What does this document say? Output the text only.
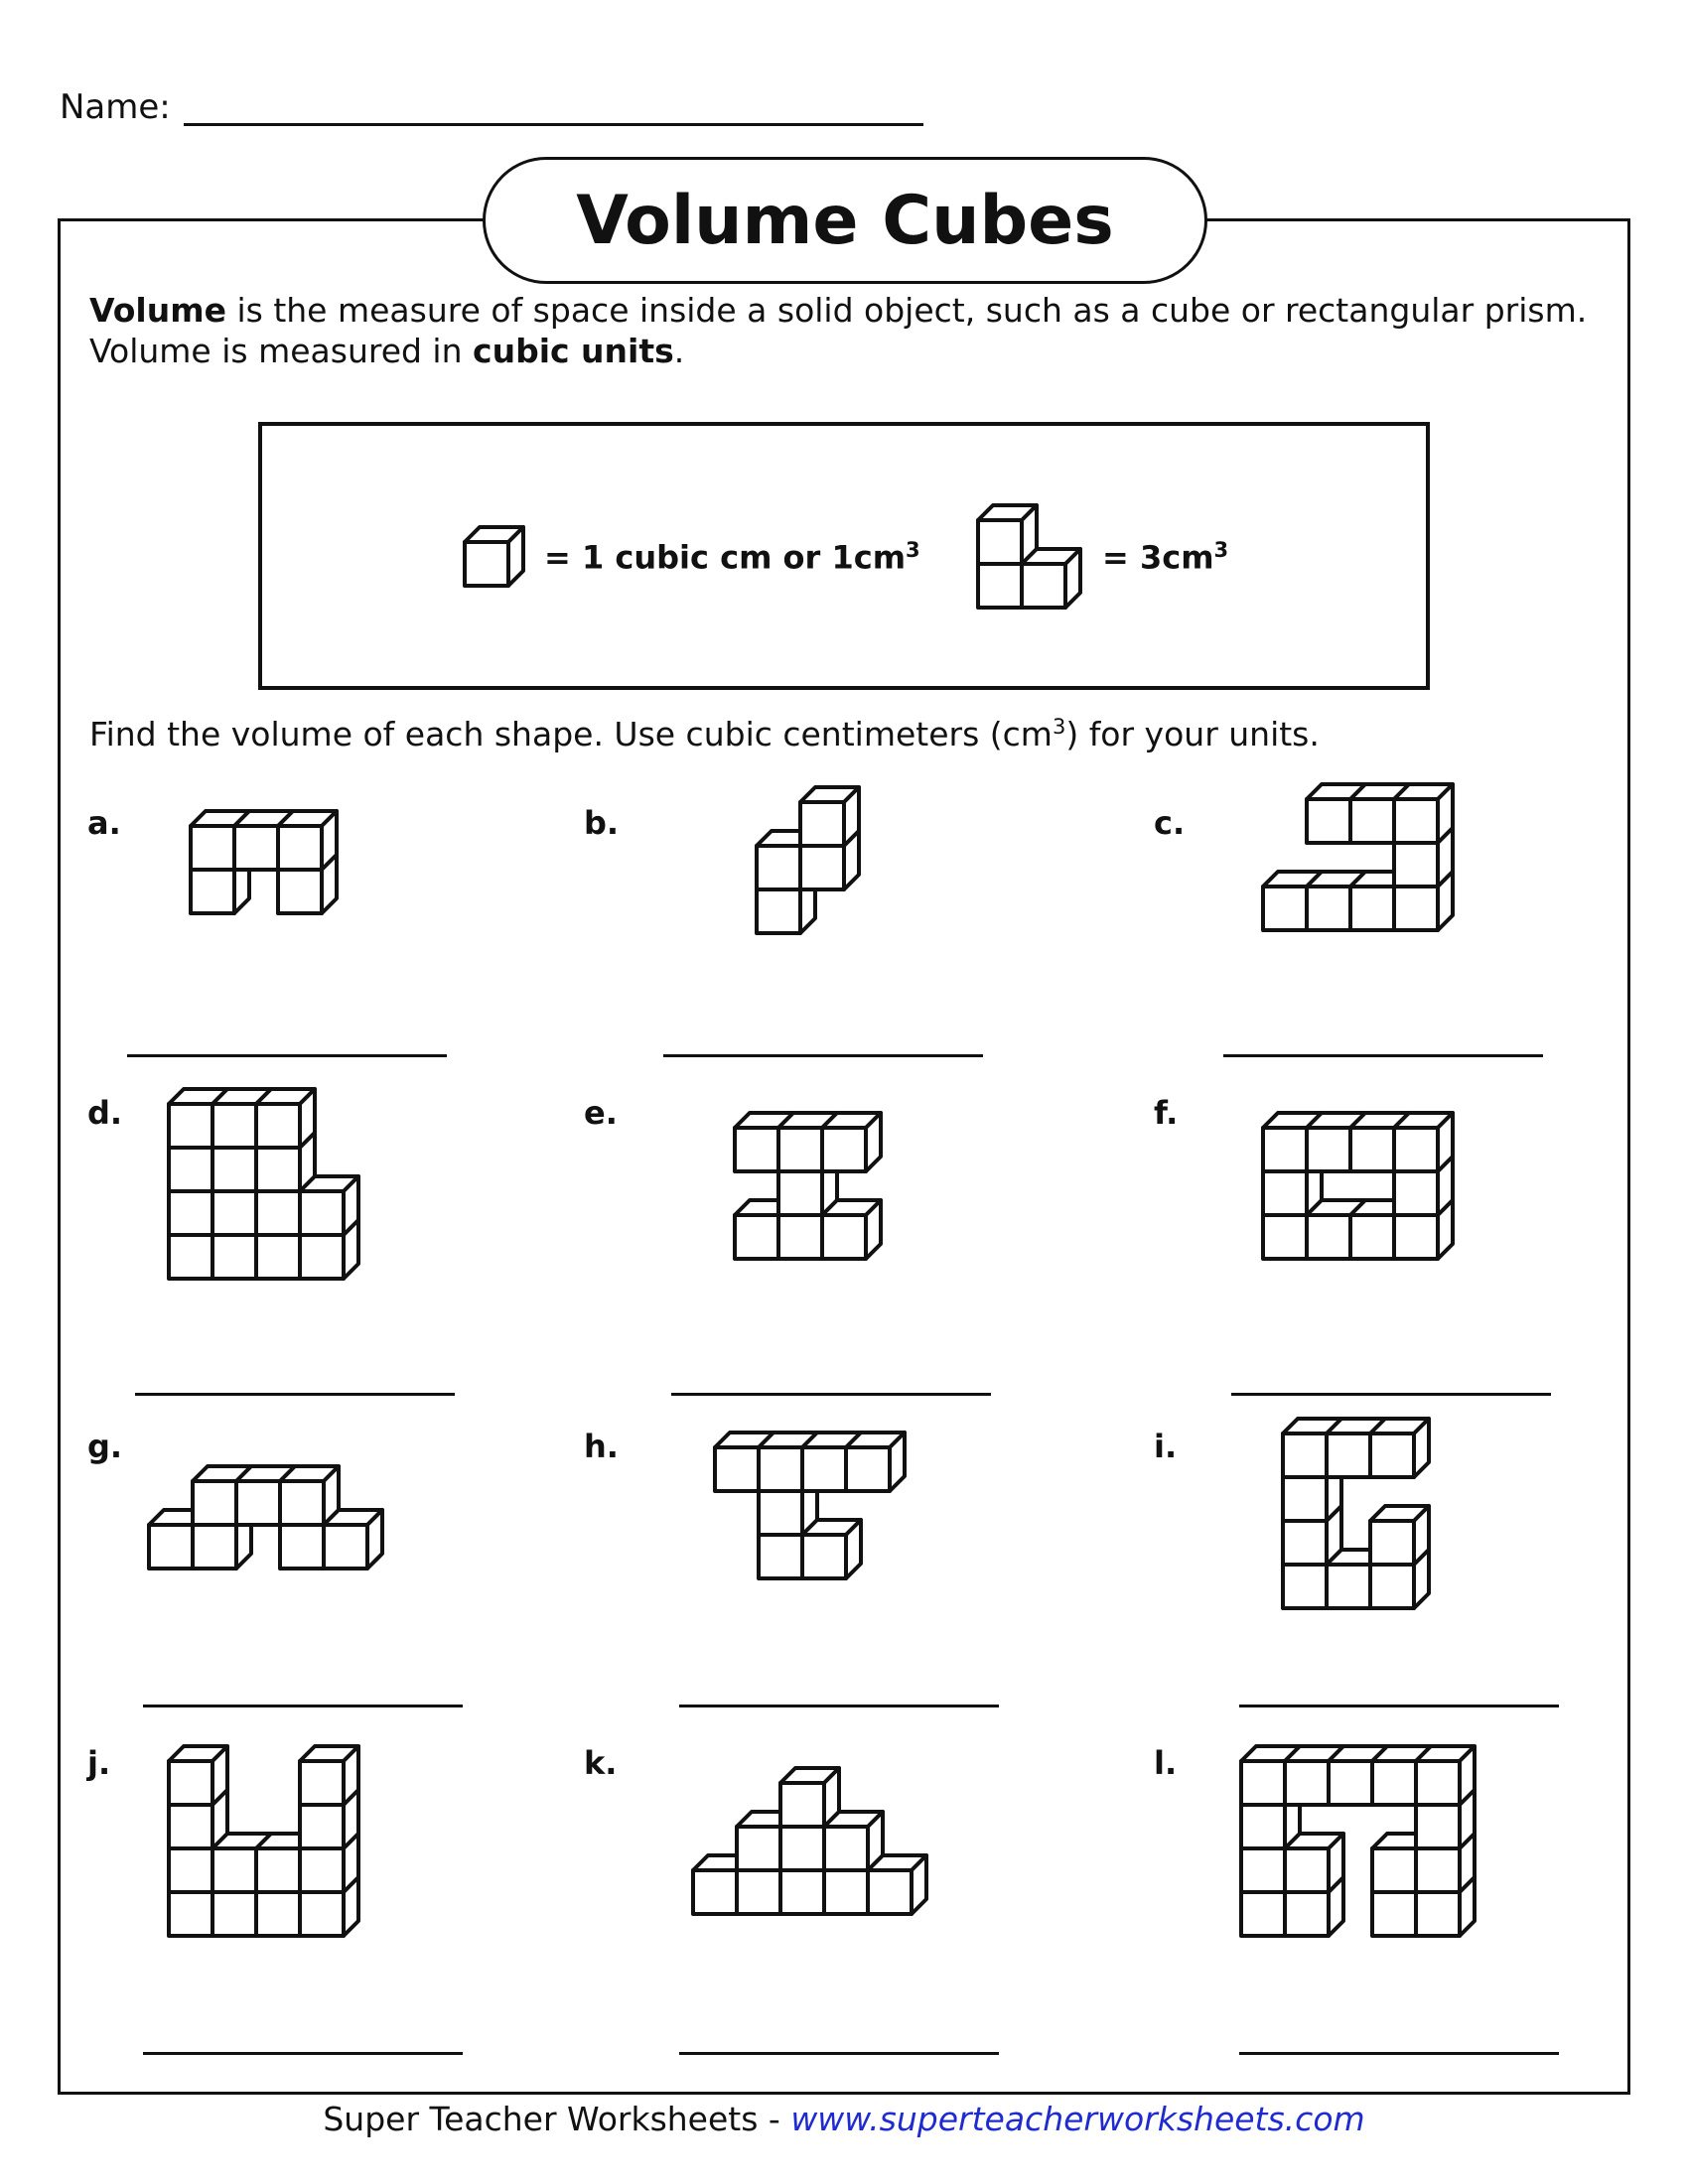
Name:
Volume Cubes
Volume is the measure of space inside a solid object, such as a cube or rectangular prism.
Volume is measured in cubic units.
= 1 cubic cm or $1cm^3$	= $3cm^3$
Find the volume of each shape. Use cubic centimeters $(cm^3)$ for your units.
a.	b.	c.
d.	e.	f.
g.	h.	i.
j.	k.	l.
Super Teacher Worksheets - www.superteacherworksheets.com
